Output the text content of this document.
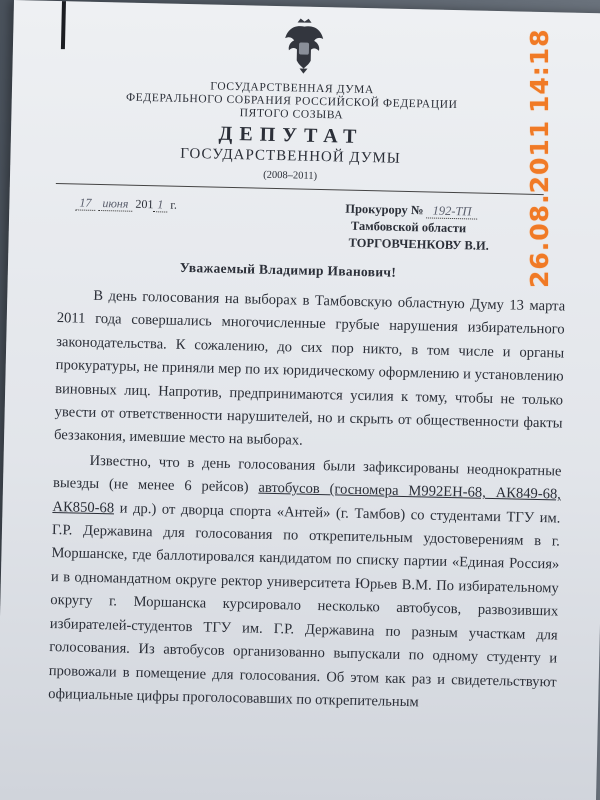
ГОСУДАРСТВЕННАЯ ДУМА
ФЕДЕРАЛЬНОГО СОБРАНИЯ РОССИЙСКОЙ ФЕДЕРАЦИИ
ПЯТОГО СОЗЫВА
ДЕПУТАТ
ГОСУДАРСТВЕННОЙ ДУМЫ
(2008–2011)
17 июня 201 1 г.	Прокурору № 192-ТП
Тамбовской области
ТОРГОВЧЕНКОВУ В.И.
Уважаемый Владимир Иванович!

В день голосования на выборах в Тамбовскую областную Думу 13 марта 2011 года совершались многочисленные грубые нарушения избирательного законодательства. К сожалению, до сих пор никто, в том числе и органы прокуратуры, не приняли мер по их юридическому оформлению и установлению виновных лиц. Напротив, предпринимаются усилия к тому, чтобы не только увести от ответственности нарушителей, но и скрыть от общественности факты беззакония, имевшие место на выборах.

Известно, что в день голосования были зафиксированы неоднократные выезды (не менее 6 рейсов) автобусов (госномера М992ЕН-68, АК849-68, АК850-68 и др.) от дворца спорта «Антей» (г. Тамбов) со студентами ТГУ им. Г.Р. Державина для голосования по открепительным удостоверениям в г. Моршанске, где баллотировался кандидатом по списку партии «Единая Россия» и в одномандатном округе ректор университета Юрьев В.М. По избирательному округу г. Моршанска курсировало несколько автобусов, развозивших избирателей-студентов ТГУ им. Г.Р. Державина по разным участкам для голосования. Из автобусов организованно выпускали по одному студенту и провожали в помещение для голосования. Об этом как раз и свидетельствуют официальные цифры проголосовавших по открепительным

26.08.2011
14:18
